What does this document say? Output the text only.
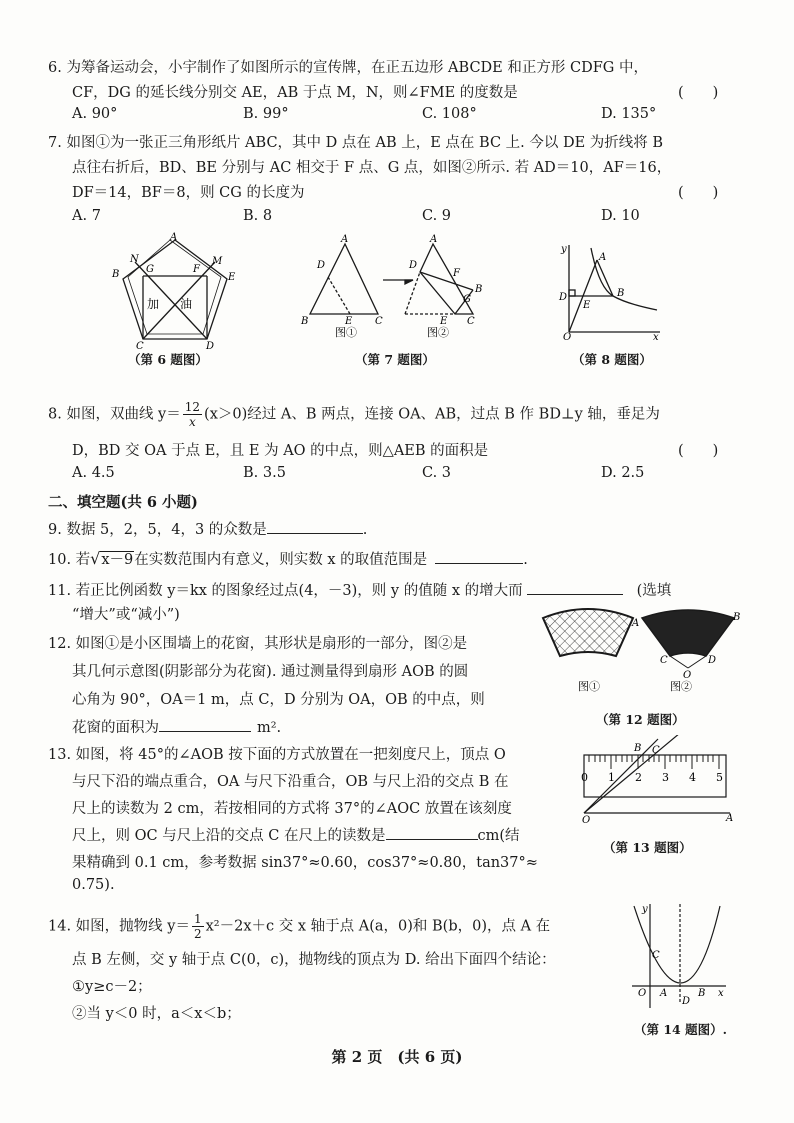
6. 为筹备运动会，小宇制作了如图所示的宣传牌，在正五边形 ABCDE 和正方形 CDFG 中，
CF，DG 的延长线分别交 AE，AB 于点 M，N，则∠FME 的度数是	(　　)
A. 90°	B. 99°	C. 108°	D. 135°
7. 如图①为一张正三角形纸片 ABC，其中 D 点在 AB 上，E 点在 BC 上. 今以 DE 为折线将 B
点往右折后，BD、BE 分别与 AC 相交于 F 点、G 点，如图②所示. 若 AD＝10，AF＝16，
DF＝14，BF＝8，则 CG 的长度为	(　　)
A. 7	B. 8	C. 9	D. 10
A
B	G
N
F
M
E
C	D
加 油
（第 6 题图）
A
D
B	E C
A
D
F
B
G
E C
图①	图②
（第 7 题图）
y
A
D
E
B
O	x
（第 8 题图）
8. 如图，双曲线 $y= \frac{12}{x} (x>0)$经过 A、B 两点，连接 OA、AB，过点 B 作 BD⊥y 轴，垂足为
D，BD 交 OA 于点 E，且 E 为 AO 的中点，则△AEB 的面积是	(　　)
A. 4.5	B. 3.5	C. 3	D. 2.5
二、填空题(共 6 小题)
9. 数据 5，2，5，4，3 的众数是	.
10. 若√x－9在实数范围内有意义，则实数 x 的取值范围是	.
11. 若正比例函数 y＝kx 的图象经过点(4，－3)，则 y 的值随 x 的增大而	(选填
“增大”或“减小”)
12. 如图①是小区围墙上的花窗，其形状是扇形的一部分，图②是
其几何示意图(阴影部分为花窗). 通过测量得到扇形 AOB 的圆
心角为 90°，OA＝1 m，点 C，D 分别为 OA，OB 的中点，则
花窗的面积为	m².
A
B
C	D
O
图①	图②
（第 12 题图）
13. 如图，将 45°的∠AOB 按下面的方式放置在一把刻度尺上，顶点 O
与尺下沿的端点重合，OA 与尺下沿重合，OB 与尺上沿的交点 B 在
尺上的读数为 2 cm，若按相同的方式将 37°的∠AOC 放置在该刻度
尺上，则 OC 与尺上沿的交点 C 在尺上的读数是	cm(结
果精确到 0.1 cm，参考数据 sin37°≈0.60，cos37°≈0.80，tan37°≈
0.75).
0 1 2 3 4 5
B C
O	A
（第 13 题图）
14. 如图，抛物线 $y= \frac{1}{2} x^2-2x+c$ 交 x 轴于点 A(a，0)和 B(b，0)，点 A 在
点 B 左侧，交 y 轴于点 C(0，c)，抛物线的顶点为 D. 给出下面四个结论：
①y≥c－2；
②当 y＜0 时，a＜x＜b；
y
C
O A
D
B x
（第 14 题图）.
第 2 页　(共 6 页)
